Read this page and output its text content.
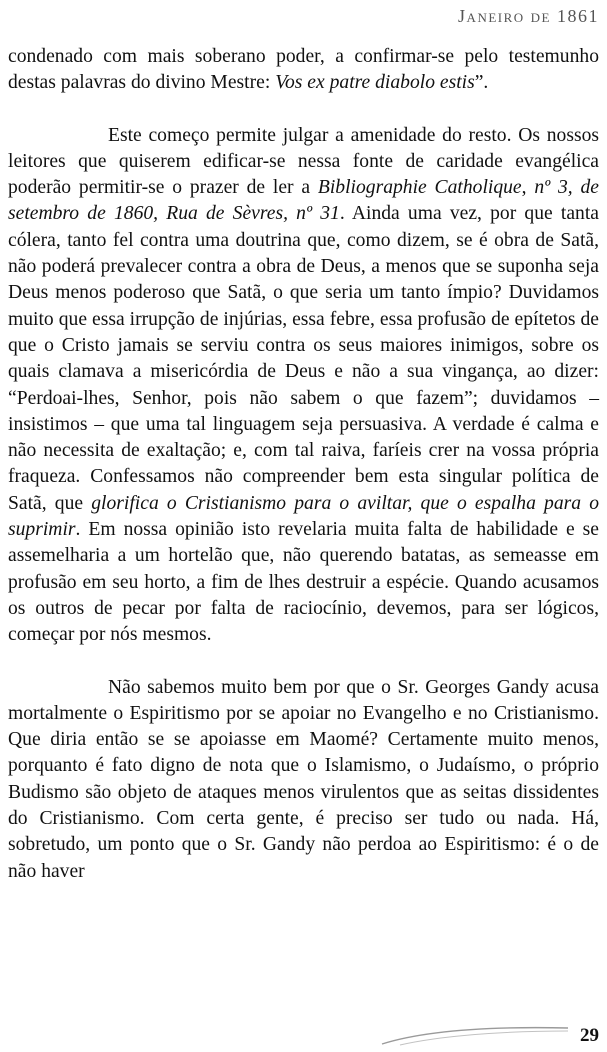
Janeiro de 1861

condenado com mais soberano poder, a confirmar-se pelo testemunho destas palavras do divino Mestre: Vos ex patre diabolo estis”.

Este começo permite julgar a amenidade do resto. Os nossos leitores que quiserem edificar-se nessa fonte de caridade evangélica poderão permitir-se o prazer de ler a Bibliographie Catholique, nº 3, de setembro de 1860, Rua de Sèvres, nº 31. Ainda uma vez, por que tanta cólera, tanto fel contra uma doutrina que, como dizem, se é obra de Satã, não poderá prevalecer contra a obra de Deus, a menos que se suponha seja Deus menos poderoso que Satã, o que seria um tanto ímpio? Duvidamos muito que essa irrupção de injúrias, essa febre, essa profusão de epítetos de que o Cristo jamais se serviu contra os seus maiores inimigos, sobre os quais clamava a misericórdia de Deus e não a sua vingança, ao dizer: “Perdoai-lhes, Senhor, pois não sabem o que fazem”; duvidamos – insistimos – que uma tal linguagem seja persuasiva. A verdade é calma e não necessita de exaltação; e, com tal raiva, faríeis crer na vossa própria fraqueza. Confessamos não compreender bem esta singular política de Satã, que glorifica o Cristianismo para o aviltar, que o espalha para o suprimir. Em nossa opinião isto revelaria muita falta de habilidade e se assemelharia a um hortelão que, não querendo batatas, as semeasse em profusão em seu horto, a fim de lhes destruir a espécie. Quando acusamos os outros de pecar por falta de raciocínio, devemos, para ser lógicos, começar por nós mesmos.

Não sabemos muito bem por que o Sr. Georges Gandy acusa mortalmente o Espiritismo por se apoiar no Evangelho e no Cristianismo. Que diria então se se apoiasse em Maomé? Certamente muito menos, porquanto é fato digno de nota que o Islamismo, o Judaísmo, o próprio Budismo são objeto de ataques menos virulentos que as seitas dissidentes do Cristianismo. Com certa gente, é preciso ser tudo ou nada. Há, sobretudo, um ponto que o Sr. Gandy não perdoa ao Espiritismo: é o de não haver

29
